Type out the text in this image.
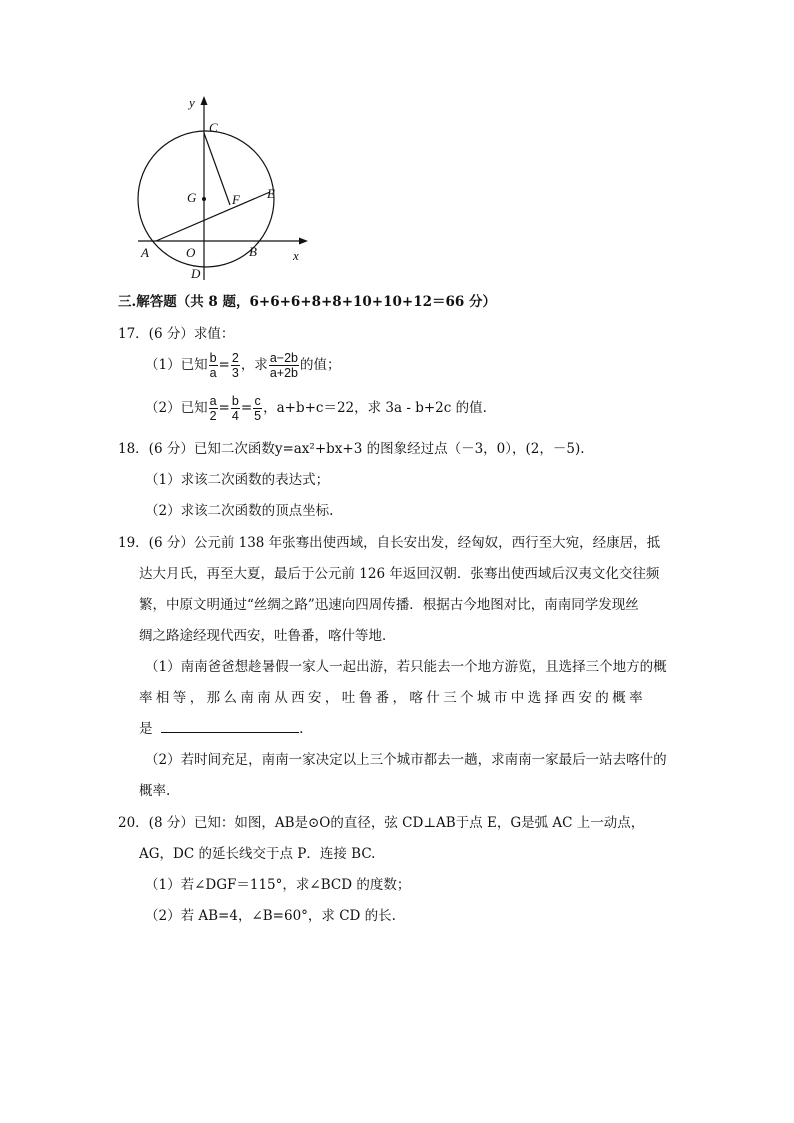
y
C
G	F E
A	O	B	x
D
三.解答题（共 8 题，6+6+6+8+8+10+10+12＝66 分）
17．(6 分）求值：
（1）已知 $\frac{b}{a} = \frac{2}{3}$ ，求 $\frac{a-2b}{a+2b}$ 的值；
（2）已知 $\frac{a}{2} = \frac{b}{4} = \frac{c}{5}$ ，a+b+c＝22，求 3a - b+2c 的值.
18．(6 分）已知二次函数y=ax²+bx+3 的图象经过点（－3，0），(2，－5).
（1）求该二次函数的表达式；
（2）求该二次函数的顶点坐标.
19．(6 分）公元前 138 年张骞出使西域，自长安出发，经匈奴，西行至大宛，经康居，抵
达大月氏，再至大夏，最后于公元前 126 年返回汉朝．张骞出使西域后汉夷文化交往频
繁，中原文明通过“丝绸之路”迅速向四周传播．根据古今地图对比，南南同学发现丝
绸之路途经现代西安，吐鲁番，喀什等地．
（1）南南爸爸想趁暑假一家人一起出游，若只能去一个地方游览，且选择三个地方的概
率相等，那么南南从西安，吐鲁番，喀什三个城市中选择西安的概率
是	.
（2）若时间充足，南南一家决定以上三个城市都去一趟，求南南一家最后一站去喀什的
概率.
20．(8 分）已知：如图，AB是⊙O的直径，弦 CD⊥AB于点 E，G是弧 AC 上一动点，
AG，DC 的延长线交于点 P．连接 BC.
（1）若∠DGF＝115°，求∠BCD 的度数；
（2）若 AB=4，∠B=60°，求 CD 的长.
